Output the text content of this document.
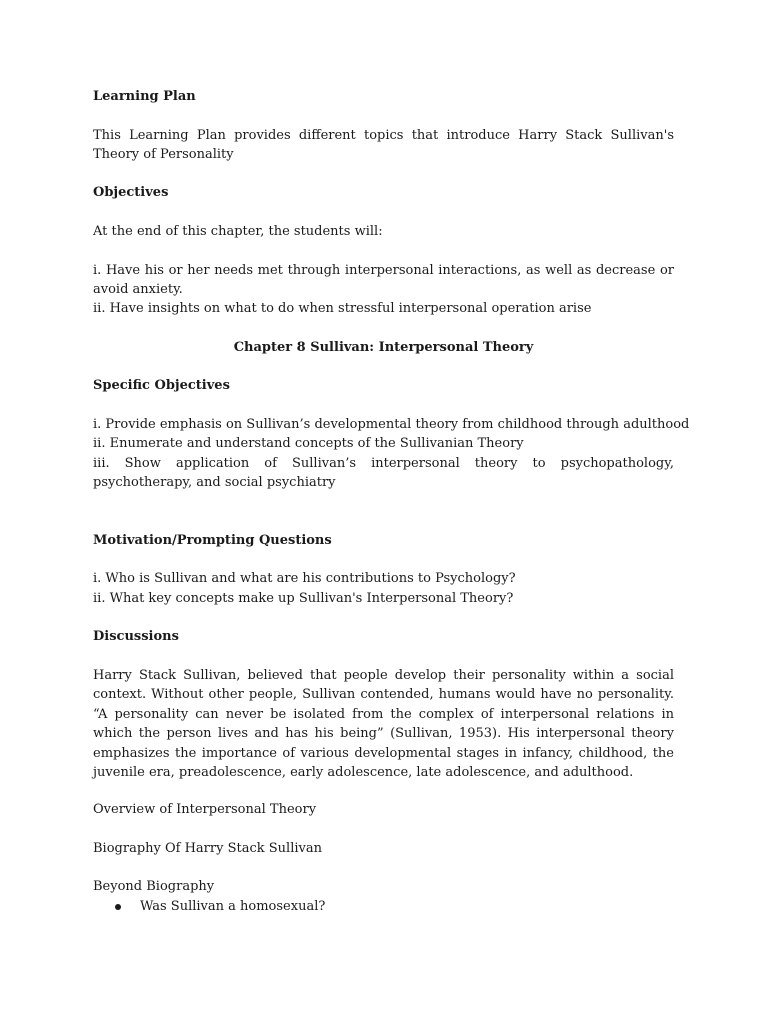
Learning Plan
This Learning Plan provides different topics that introduce Harry Stack Sullivan's Theory of Personality
Objectives
At the end of this chapter, the students will:
i. Have his or her needs met through interpersonal interactions, as well as decrease or avoid anxiety.
ii. Have insights on what to do when stressful interpersonal operation arise
Chapter 8 Sullivan: Interpersonal Theory
Specific Objectives
i. Provide emphasis on Sullivan’s developmental theory from childhood through adulthood
ii. Enumerate and understand concepts of the Sullivanian Theory
iii. Show application of Sullivan’s interpersonal theory to psychopathology, psychotherapy, and social psychiatry
Motivation/Prompting Questions
i. Who is Sullivan and what are his contributions to Psychology?
ii. What key concepts make up Sullivan's Interpersonal Theory?
Discussions
Harry Stack Sullivan, believed that people develop their personality within a social context. Without other people, Sullivan contended, humans would have no personality. “A personality can never be isolated from the complex of interpersonal relations in which the person lives and has his being” (Sullivan, 1953). His interpersonal theory emphasizes the importance of various developmental stages in infancy, childhood, the juvenile era, preadolescence, early adolescence, late adolescence, and adulthood.
Overview of Interpersonal Theory
Biography Of Harry Stack Sullivan
Beyond Biography
Was Sullivan a homosexual?
